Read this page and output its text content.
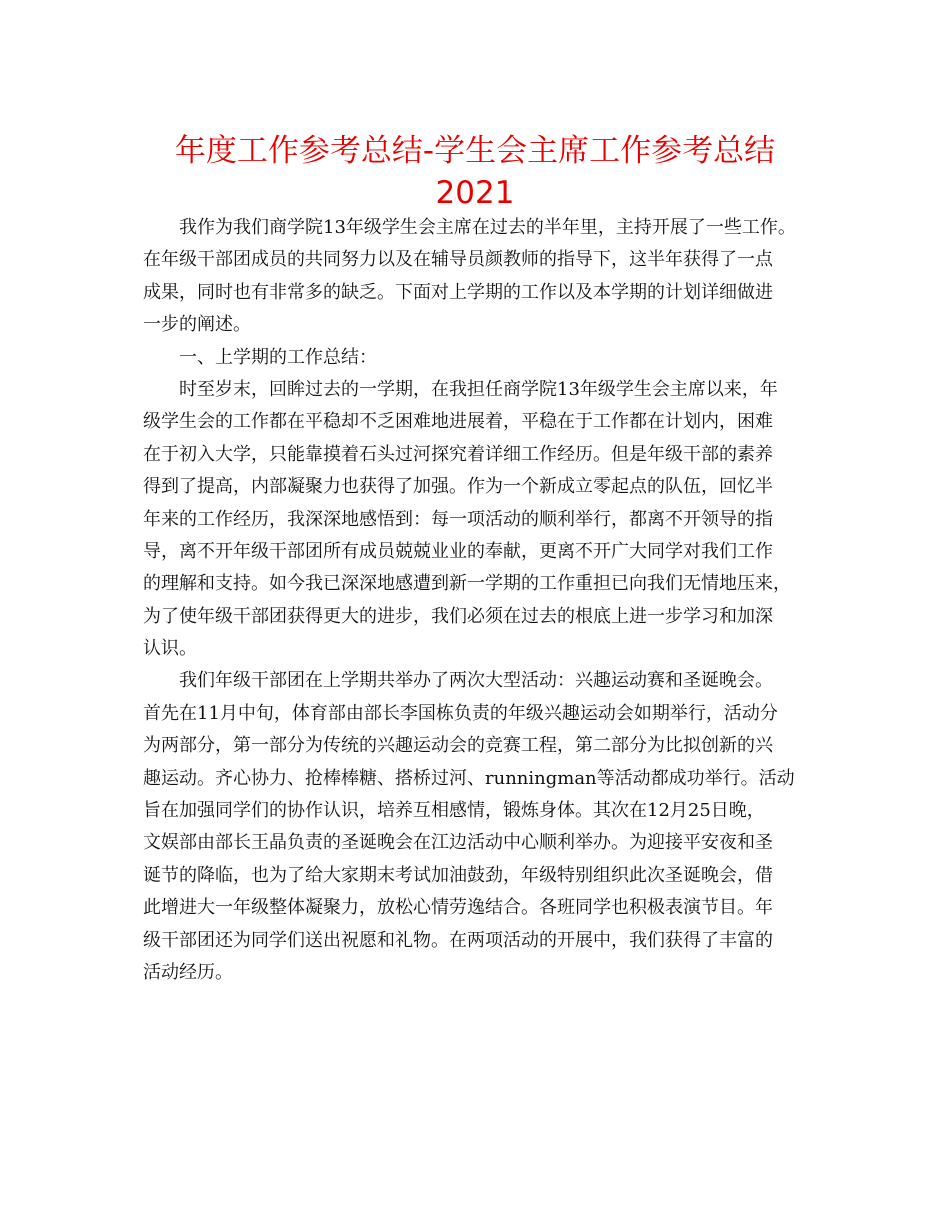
年度工作参考总结-学生会主席工作参考总结
2021
我作为我们商学院13年级学生会主席在过去的半年里，主持开展了一些工作。
在年级干部团成员的共同努力以及在辅导员颜教师的指导下，这半年获得了一点
成果，同时也有非常多的缺乏。下面对上学期的工作以及本学期的计划详细做进
一步的阐述。
一、上学期的工作总结：
时至岁末，回眸过去的一学期，在我担任商学院13年级学生会主席以来，年
级学生会的工作都在平稳却不乏困难地进展着，平稳在于工作都在计划内，困难
在于初入大学，只能靠摸着石头过河探究着详细工作经历。但是年级干部的素养
得到了提高，内部凝聚力也获得了加强。作为一个新成立零起点的队伍，回忆半
年来的工作经历，我深深地感悟到：每一项活动的顺利举行，都离不开领导的指
导，离不开年级干部团所有成员兢兢业业的奉献，更离不开广大同学对我们工作
的理解和支持。如今我已深深地感遭到新一学期的工作重担已向我们无情地压来，
为了使年级干部团获得更大的进步，我们必须在过去的根底上进一步学习和加深
认识。
我们年级干部团在上学期共举办了两次大型活动：兴趣运动赛和圣诞晚会。
首先在11月中旬，体育部由部长李国栋负责的年级兴趣运动会如期举行，活动分
为两部分，第一部分为传统的兴趣运动会的竞赛工程，第二部分为比拟创新的兴
趣运动。齐心协力、抢棒棒糖、搭桥过河、runningman等活动都成功举行。活动
旨在加强同学们的协作认识，培养互相感情，锻炼身体。其次在12月25日晚，
文娱部由部长王晶负责的圣诞晚会在江边活动中心顺利举办。为迎接平安夜和圣
诞节的降临，也为了给大家期末考试加油鼓劲，年级特别组织此次圣诞晚会，借
此增进大一年级整体凝聚力，放松心情劳逸结合。各班同学也积极表演节目。年
级干部团还为同学们送出祝愿和礼物。在两项活动的开展中，我们获得了丰富的
活动经历。
